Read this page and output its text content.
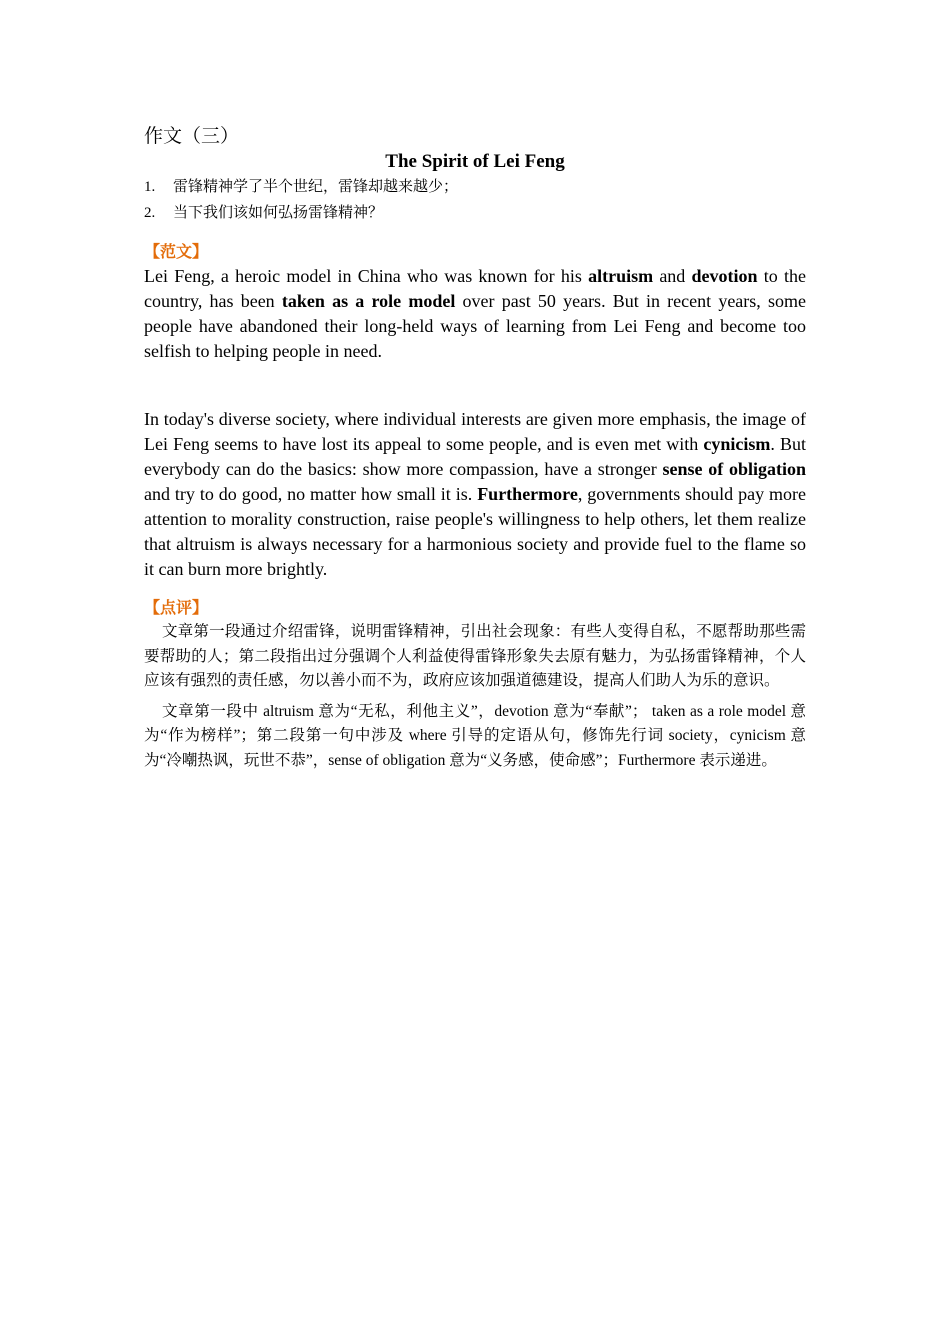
作文（三）
The Spirit of Lei Feng
1.	雷锋精神学了半个世纪，雷锋却越来越少；
2.	当下我们该如何弘扬雷锋精神？
【范文】

Lei Feng, a heroic model in China who was known for his altruism and devotion to the country, has been taken as a role model over past 50 years. But in recent years, some people have abandoned their long-held ways of learning from Lei Feng and become too selfish to helping people in need.

In today's diverse society, where individual interests are given more emphasis, the image of Lei Feng seems to have lost its appeal to some people, and is even met with cynicism. But everybody can do the basics: show more compassion, have a stronger sense of obligation and try to do good, no matter how small it is. Furthermore, governments should pay more attention to morality construction, raise people's willingness to help others, let them realize that altruism is always necessary for a harmonious society and provide fuel to the flame so it can burn more brightly.

【点评】

文章第一段通过介绍雷锋，说明雷锋精神，引出社会现象：有些人变得自私，不愿帮助那些需要帮助的人；第二段指出过分强调个人利益使得雷锋形象失去原有魅力，为弘扬雷锋精神，个人应该有强烈的责任感，勿以善小而不为，政府应该加强道德建设，提高人们助人为乐的意识。

文章第一段中 altruism 意为“无私，利他主义”，devotion 意为“奉献”； taken as a role model 意为“作为榜样”；第二段第一句中涉及 where 引导的定语从句，修饰先行词 society，cynicism 意为“冷嘲热讽，玩世不恭”，sense of obligation 意为“义务感，使命感”；Furthermore 表示递进。
